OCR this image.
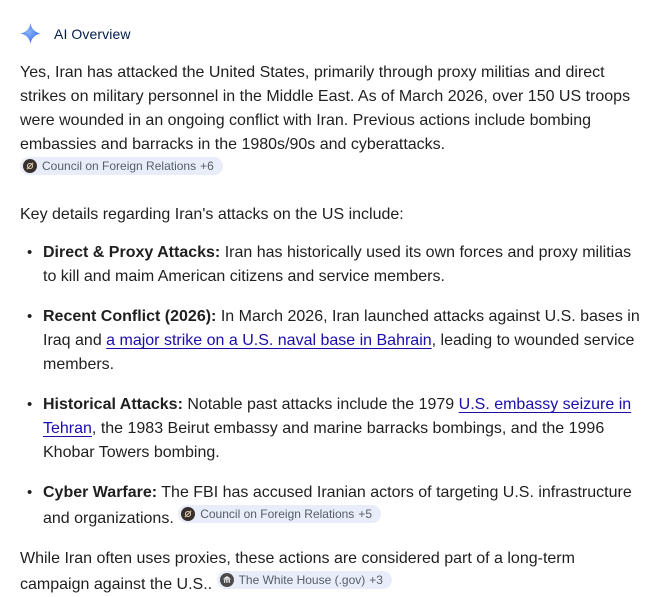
AI Overview

Yes, Iran has attacked the United States, primarily through proxy militias and direct strikes on military personnel in the Middle East. As of March 2026, over 150 US troops were wounded in an ongoing conflict with Iran. Previous actions include bombing embassies and barracks in the 1980s/90s and cyberattacks.
Council on Foreign Relations +6

Key details regarding Iran's attacks on the US include:

• Direct & Proxy Attacks: Iran has historically used its own forces and proxy militias to kill and maim American citizens and service members.
• Recent Conflict (2026): In March 2026, Iran launched attacks against U.S. bases in Iraq and a major strike on a U.S. naval base in Bahrain, leading to wounded service members.
• Historical Attacks: Notable past attacks include the 1979 U.S. embassy seizure in Tehran, the 1983 Beirut embassy and marine barracks bombings, and the 1996 Khobar Towers bombing.
• Cyber Warfare: The FBI has accused Iranian actors of targeting U.S. infrastructure and organizations. Council on Foreign Relations +5

While Iran often uses proxies, these actions are considered part of a long-term campaign against the U.S.. The White House (.gov) +3
